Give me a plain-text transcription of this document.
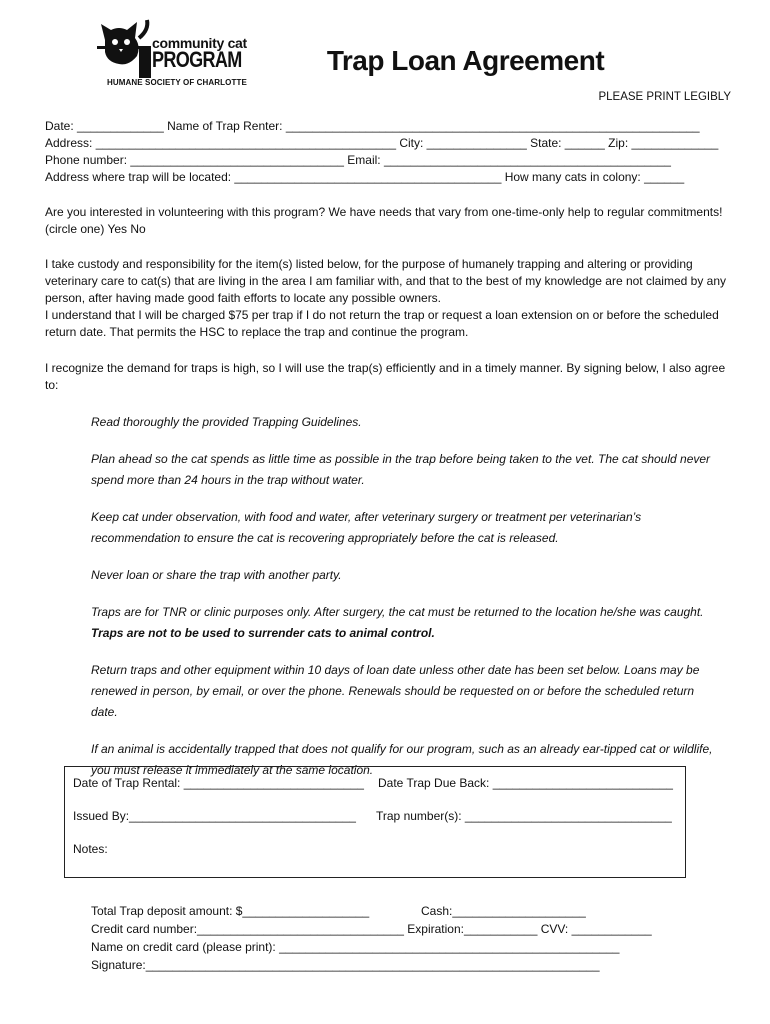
community cat
PROGRAM
HUMANE SOCIETY OF CHARLOTTE
Trap Loan Agreement
PLEASE PRINT LEGIBLY
Date: _____________ Name of Trap Renter: ______________________________________________________________
Address: _____________________________________________ City: _______________ State: ______ Zip: _____________
Phone number: ________________________________ Email: ___________________________________________
Address where trap will be located: ________________________________________ How many cats in colony: ______
Are you interested in volunteering with this program? We have needs that vary from one-time-only help to regular commitments! (circle one) Yes No
I take custody and responsibility for the item(s) listed below, for the purpose of humanely trapping and altering or providing veterinary care to cat(s) that are living in the area I am familiar with, and that to the best of my knowledge are not claimed by any person, after having made good faith efforts to locate any possible owners.
I understand that I will be charged $75 per trap if I do not return the trap or request a loan extension on or before the scheduled return date. That permits the HSC to replace the trap and continue the program.
I recognize the demand for traps is high, so I will use the trap(s) efficiently and in a timely manner. By signing below, I also agree to:

Read thoroughly the provided Trapping Guidelines.

Plan ahead so the cat spends as little time as possible in the trap before being taken to the vet. The cat should never spend more than 24 hours in the trap without water.

Keep cat under observation, with food and water, after veterinary surgery or treatment per veterinarian’s recommendation to ensure the cat is recovering appropriately before the cat is released.

Never loan or share the trap with another party.

Traps are for TNR or clinic purposes only. After surgery, the cat must be returned to the location he/she was caught. Traps are not to be used to surrender cats to animal control.

Return traps and other equipment within 10 days of loan date unless other date has been set below. Loans may be renewed in person, by email, or over the phone. Renewals should be requested on or before the scheduled return date.

If an animal is accidentally trapped that does not qualify for our program, such as an already ear-tipped cat or wildlife, you must release it immediately at the same location.

Date of Trap Rental: ___________________________ Date Trap Due Back: ___________________________
Issued By:__________________________________ Trap number(s): _______________________________
Notes:
Total Trap deposit amount: $___________________	Cash:____________________
Credit card number:_______________________________ Expiration:___________ CVV: ____________
Name on credit card (please print): ___________________________________________________
Signature:____________________________________________________________________
